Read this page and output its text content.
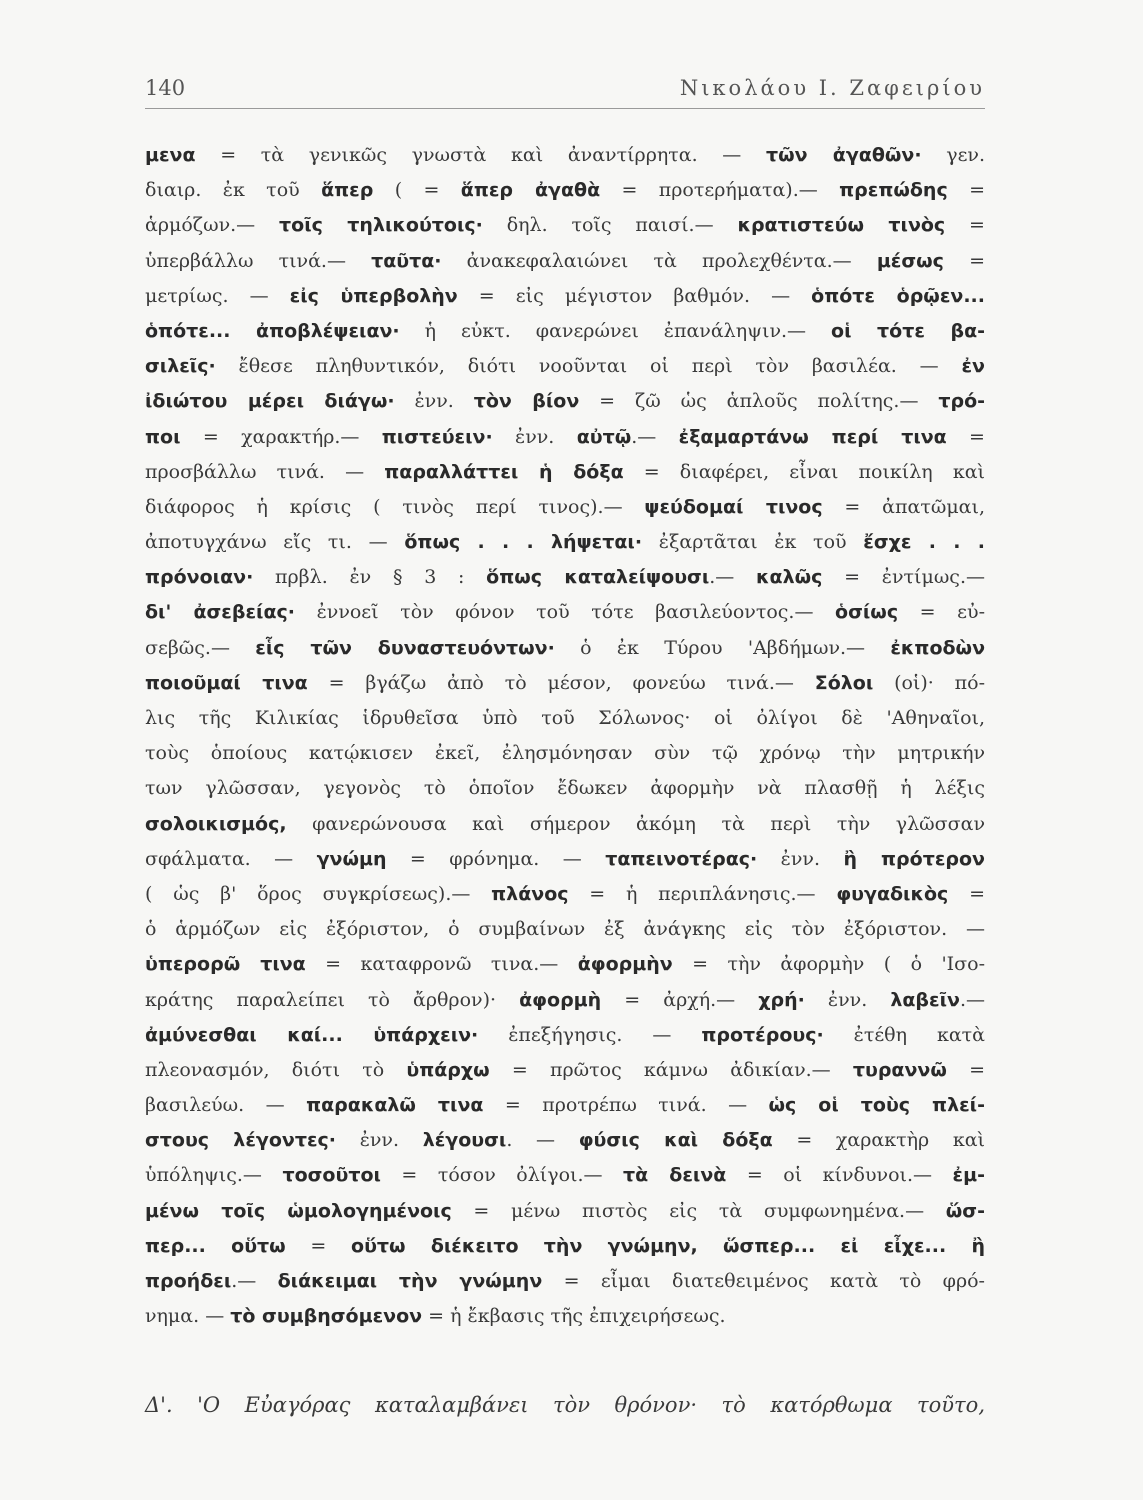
140	Νικολάου Ι. Ζαφειρίου
μενα = τὰ γενικῶς γνωστὰ καὶ ἀναντίρρητα. — τῶν ἀγαθῶν· γεν.
διαιρ. ἐκ τοῦ ἅπερ ( = ἅπερ ἀγαθὰ = προτερήματα).— πρεπώδης =
ἁρμόζων.— τοῖς τηλικούτοις· δηλ. τοῖς παισί.— κρατιστεύω τινὸς =
ὑπερβάλλω τινά.— ταῦτα· ἀνακεφαλαιώνει τὰ προλεχθέντα.— μέσως =
μετρίως. — εἰς ὑπερβολὴν = εἰς μέγιστον βαθμόν. — ὁπότε ὁρῷεν...
ὁπότε... ἀποβλέψειαν· ἡ εὐκτ. φανερώνει ἐπανάληψιν.— οἱ τότε βα-
σιλεῖς· ἔθεσε πληθυντικόν, διότι νοοῦνται οἱ περὶ τὸν βασιλέα. — ἐν
ἰδιώτου μέρει διάγω· ἐνν. τὸν βίον = ζῶ ὡς ἁπλοῦς πολίτης.— τρό-
ποι = χαρακτήρ.— πιστεύειν· ἐνν. αὐτῷ.— ἐξαμαρτάνω περί τινα =
προσβάλλω τινά. — παραλλάττει ἡ δόξα = διαφέρει, εἶναι ποικίλη καὶ
διάφορος ἡ κρίσις ( τινὸς περί τινος).— ψεύδομαί τινος = ἀπατῶμαι,
ἀποτυγχάνω εἴς τι. — ὅπως . . . λήψεται· ἐξαρτᾶται ἐκ τοῦ ἔσχε . . .
πρόνοιαν· πρβλ. ἐν § 3 : ὅπως καταλείψουσι.— καλῶς = ἐντίμως.—
δι' ἀσεβείας· ἐννοεῖ τὸν φόνον τοῦ τότε βασιλεύοντος.— ὁσίως = εὐ-
σεβῶς.— εἷς τῶν δυναστευόντων· ὁ ἐκ Τύρου 'Αβδήμων.— ἐκποδὼν
ποιοῦμαί τινα = βγάζω ἀπὸ τὸ μέσον, φονεύω τινά.— Σόλοι (οἱ)· πό-
λις τῆς Κιλικίας ἱδρυθεῖσα ὑπὸ τοῦ Σόλωνος· οἱ ὀλίγοι δὲ 'Αθηναῖοι,
τοὺς ὁποίους κατῴκισεν ἐκεῖ, ἐλησμόνησαν σὺν τῷ χρόνῳ τὴν μητρικήν
των γλῶσσαν, γεγονὸς τὸ ὁποῖον ἔδωκεν ἀφορμὴν νὰ πλασθῇ ἡ λέξις
σολοικισμός, φανερώνουσα καὶ σήμερον ἀκόμη τὰ περὶ τὴν γλῶσσαν
σφάλματα. — γνώμη = φρόνημα. — ταπεινοτέρας· ἐνν. ἢ πρότερον
( ὡς β' ὅρος συγκρίσεως).— πλάνος = ἡ περιπλάνησις.— φυγαδικὸς =
ὁ ἁρμόζων εἰς ἐξόριστον, ὁ συμβαίνων ἐξ ἀνάγκης εἰς τὸν ἐξόριστον. —
ὑπερορῶ τινα = καταφρονῶ τινα.— ἀφορμὴν = τὴν ἀφορμὴν ( ὁ 'Ισο-
κράτης παραλείπει τὸ ἄρθρον)· ἀφορμὴ = ἀρχή.— χρή· ἐνν. λαβεῖν.—
ἀμύνεσθαι καί... ὑπάρχειν· ἐπεξήγησις. — προτέρους· ἐτέθη κατὰ
πλεονασμόν, διότι τὸ ὑπάρχω = πρῶτος κάμνω ἀδικίαν.— τυραννῶ =
βασιλεύω. — παρακαλῶ τινα = προτρέπω τινά. — ὡς οἱ τοὺς πλεί-
στους λέγοντες· ἐνν. λέγουσι. — φύσις καὶ δόξα = χαρακτὴρ καὶ
ὑπόληψις.— τοσοῦτοι = τόσον ὀλίγοι.— τὰ δεινὰ = οἱ κίνδυνοι.— ἐμ-
μένω τοῖς ὡμολογημένοις = μένω πιστὸς εἰς τὰ συμφωνημένα.— ὥσ-
περ... οὕτω = οὕτω διέκειτο τὴν γνώμην, ὥσπερ... εἰ εἶχε... ἢ
προήδει.— διάκειμαι τὴν γνώμην = εἶμαι διατεθειμένος κατὰ τὸ φρό-
νημα. — τὸ συμβησόμενον = ἡ ἔκβασις τῆς ἐπιχειρήσεως.
Δ'. 'Ο Εὐαγόρας καταλαμβάνει τὸν θρόνον· τὸ κατόρθωμα τοῦτο,
